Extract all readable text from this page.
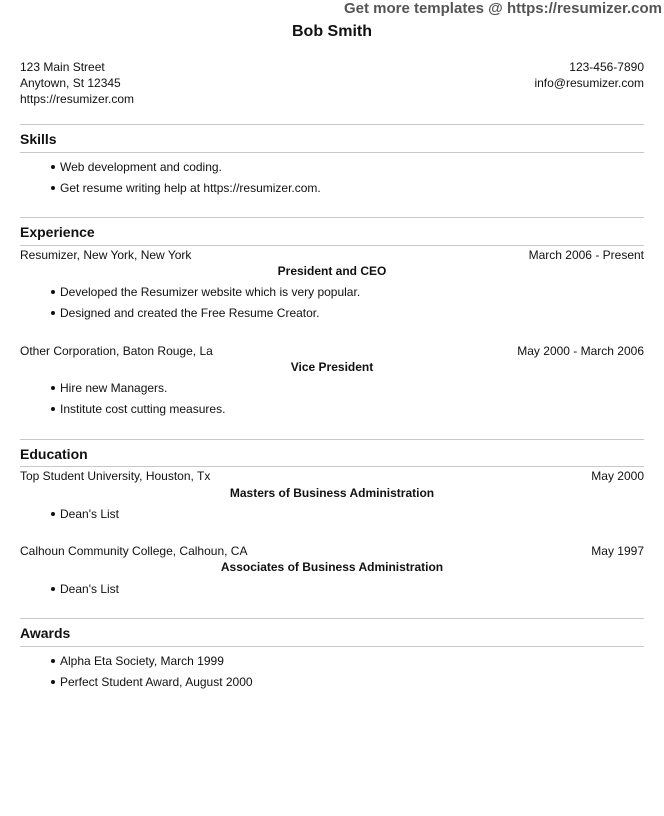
Get more templates @ https://resumizer.com
Bob Smith
123 Main Street
Anytown, St 12345
https://resumizer.com
123-456-7890
info@resumizer.com
Skills
Web development and coding.
Get resume writing help at https://resumizer.com.
Experience
Resumizer, New York, New York	March 2006 - Present
President and CEO
Developed the Resumizer website which is very popular.
Designed and created the Free Resume Creator.
Other Corporation, Baton Rouge, La	May 2000 - March 2006
Vice President
Hire new Managers.
Institute cost cutting measures.
Education
Top Student University, Houston, Tx	May 2000
Masters of Business Administration
Dean's List
Calhoun Community College, Calhoun, CA	May 1997
Associates of Business Administration
Dean's List
Awards
Alpha Eta Society, March 1999
Perfect Student Award, August 2000
